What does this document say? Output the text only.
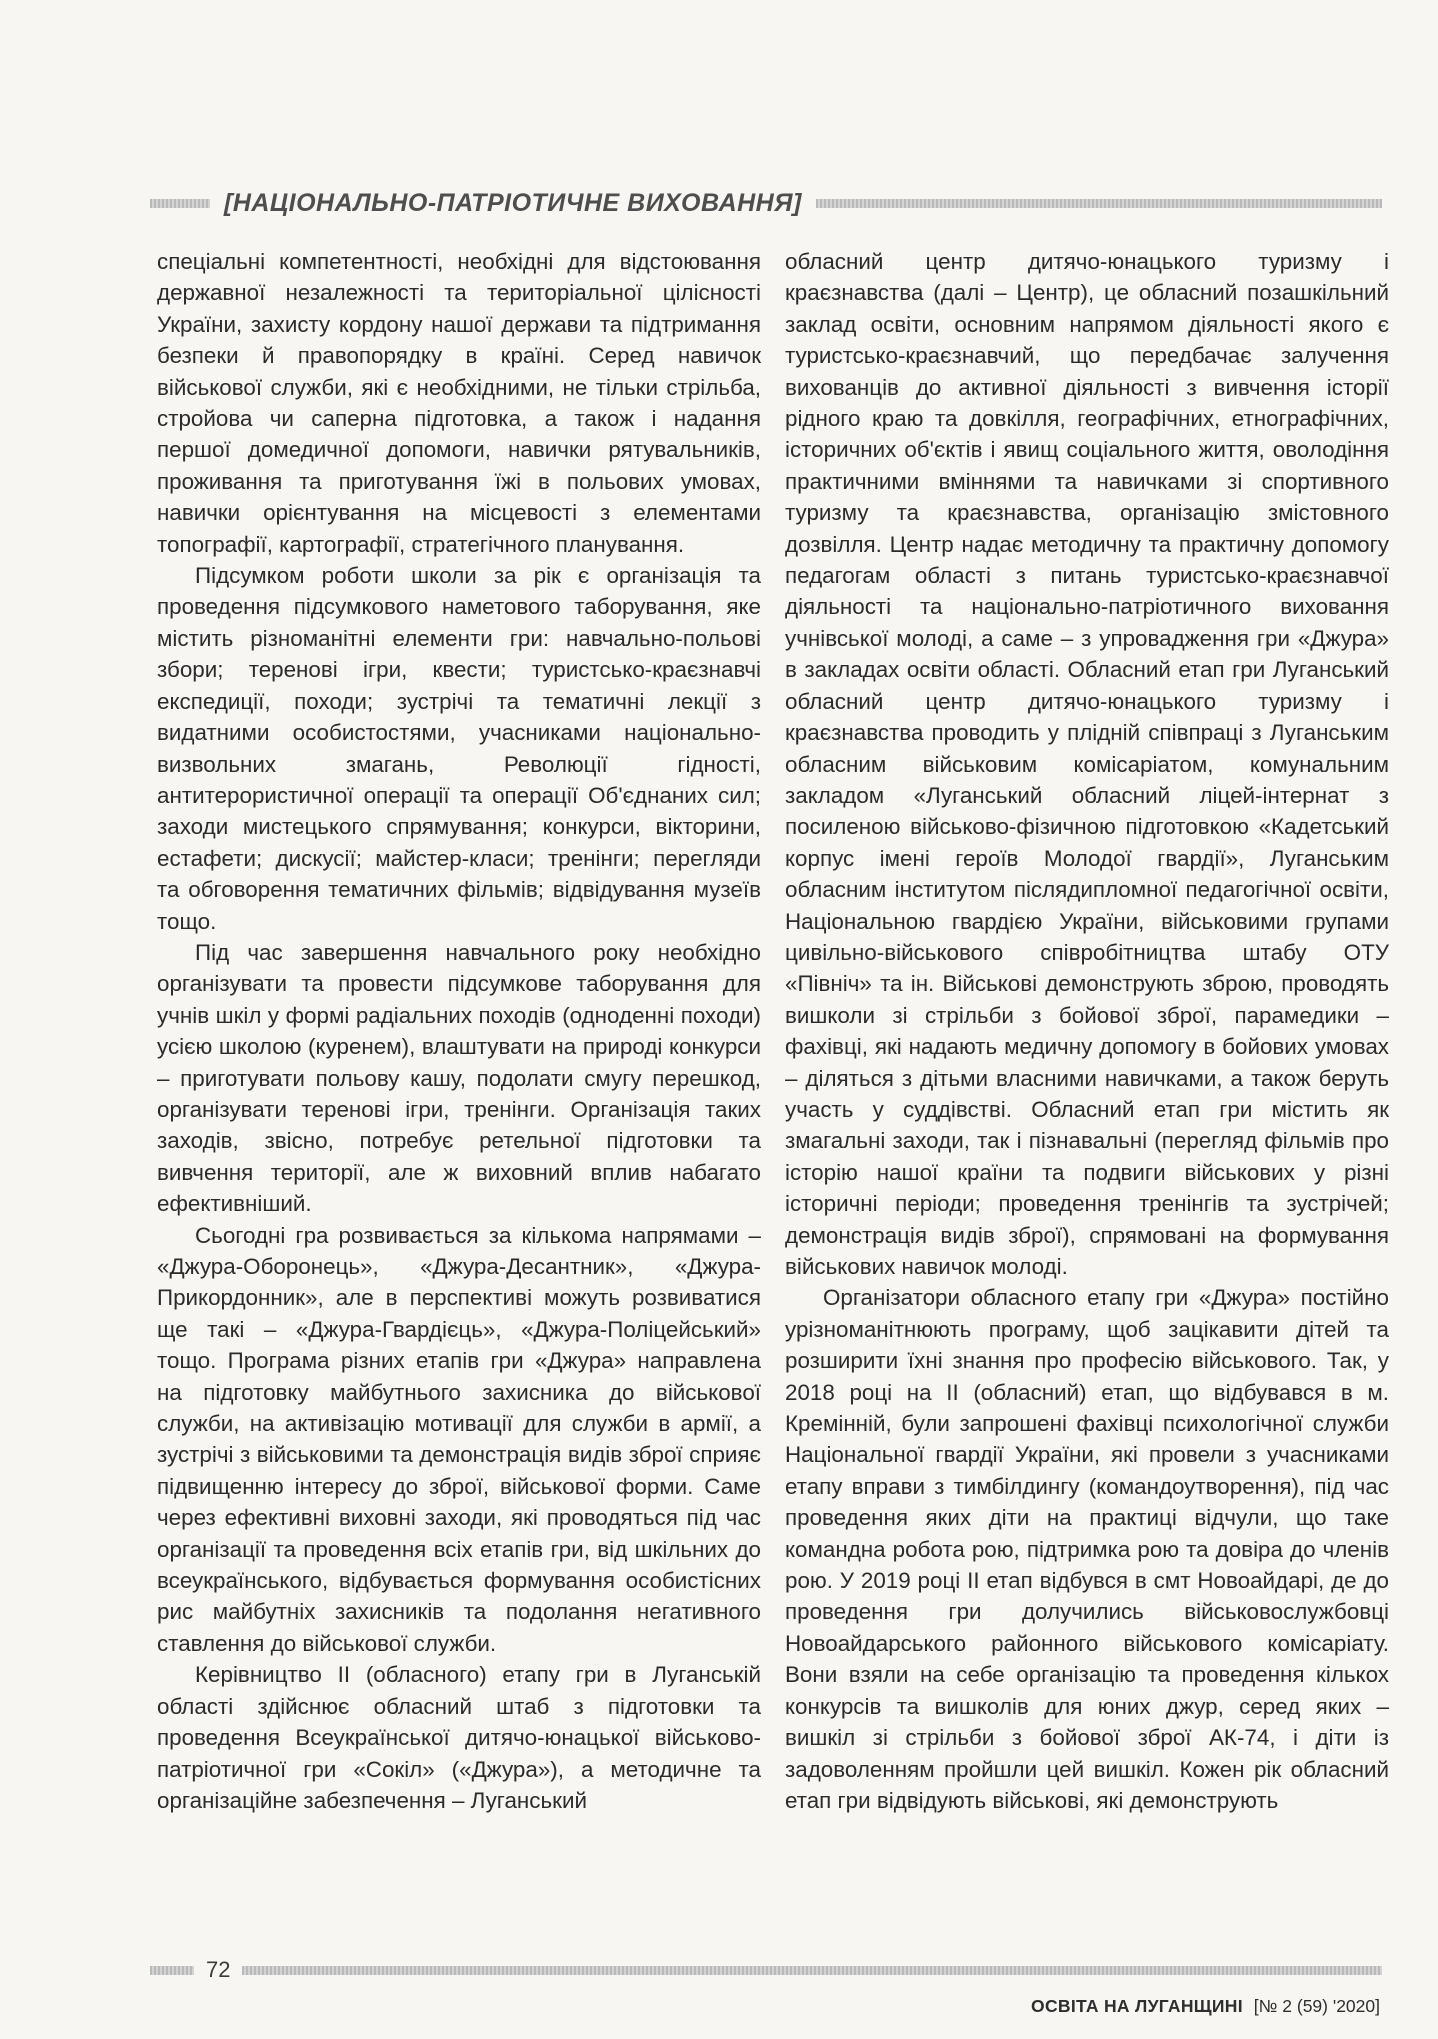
[НАЦІОНАЛЬНО-ПАТРІОТИЧНЕ ВИХОВАННЯ]

спеціальні компетентності, необхідні для відстоювання державної незалежності та територіальної цілісності України, захисту кордону нашої держави та підтримання безпеки й правопорядку в країні. Серед навичок військової служби, які є необхідними, не тільки стрільба, стройова чи саперна підготовка, а також і надання першої домедичної допомоги, навички рятувальників, проживання та приготування їжі в польових умовах, навички орієнтування на місцевості з елементами топографії, картографії, стратегічного планування.

Підсумком роботи школи за рік є організація та проведення підсумкового наметового таборування, яке містить різноманітні елементи гри: навчально-польові збори; теренові ігри, квести; туристсько-краєзнавчі експедиції, походи; зустрічі та тематичні лекції з видатними особистостями, учасниками національно-визвольних змагань, Революції гідності, антитерористичної операції та операції Об'єднаних сил; заходи мистецького спрямування; конкурси, вікторини, естафети; дискусії; майстер-класи; тренінги; перегляди та обговорення тематичних фільмів; відвідування музеїв тощо.

Під час завершення навчального року необхідно організувати та провести підсумкове таборування для учнів шкіл у формі радіальних походів (одноденні походи) усією школою (куренем), влаштувати на природі конкурси – приготувати польову кашу, подолати смугу перешкод, організувати теренові ігри, тренінги. Організація таких заходів, звісно, потребує ретельної підготовки та вивчення території, але ж виховний вплив набагато ефективніший.

Сьогодні гра розвивається за кількома напрямами – «Джура-Оборонець», «Джура-Десантник», «Джура-Прикордонник», але в перспективі можуть розвиватися ще такі – «Джура-Гвардієць», «Джура-Поліцейський» тощо. Програма різних етапів гри «Джура» направлена на підготовку майбутнього захисника до військової служби, на активізацію мотивації для служби в армії, а зустрічі з військовими та демонстрація видів зброї сприяє підвищенню інтересу до зброї, військової форми. Саме через ефективні виховні заходи, які проводяться під час організації та проведення всіх етапів гри, від шкільних до всеукраїнського, відбувається формування особистісних рис майбутніх захисників та подолання негативного ставлення до військової служби.

Керівництво II (обласного) етапу гри в Луганській області здійснює обласний штаб з підготовки та проведення Всеукраїнської дитячо-юнацької військово-патріотичної гри «Сокіл» («Джура»), а методичне та організаційне забезпечення – Луганський

обласний центр дитячо-юнацького туризму і краєзнавства (далі – Центр), це обласний позашкільний заклад освіти, основним напрямом діяльності якого є туристсько-краєзнавчий, що передбачає залучення вихованців до активної діяльності з вивчення історії рідного краю та довкілля, географічних, етнографічних, історичних об'єктів і явищ соціального життя, оволодіння практичними вміннями та навичками зі спортивного туризму та краєзнавства, організацію змістовного дозвілля. Центр надає методичну та практичну допомогу педагогам області з питань туристсько-краєзнавчої діяльності та національно-патріотичного виховання учнівської молоді, а саме – з упровадження гри «Джура» в закладах освіти області. Обласний етап гри Луганський обласний центр дитячо-юнацького туризму і краєзнавства проводить у плідній співпраці з Луганським обласним військовим комісаріатом, комунальним закладом «Луганський обласний ліцей-інтернат з посиленою військово-фізичною підготовкою «Кадетський корпус імені героїв Молодої гвардії», Луганським обласним інститутом післядипломної педагогічної освіти, Національною гвардією України, військовими групами цивільно-військового співробітництва штабу ОТУ «Північ» та ін. Військові демонструють зброю, проводять вишколи зі стрільби з бойової зброї, парамедики – фахівці, які надають медичну допомогу в бойових умовах – діляться з дітьми власними навичками, а також беруть участь у суддівстві. Обласний етап гри містить як змагальні заходи, так і пізнавальні (перегляд фільмів про історію нашої країни та подвиги військових у різні історичні періоди; проведення тренінгів та зустрічей; демонстрація видів зброї), спрямовані на формування військових навичок молоді.

Організатори обласного етапу гри «Джура» постійно урізноманітнюють програму, щоб зацікавити дітей та розширити їхні знання про професію військового. Так, у 2018 році на II (обласний) етап, що відбувався в м. Кремінній, були запрошені фахівці психологічної служби Національної гвардії України, які провели з учасниками етапу вправи з тимбілдингу (командоутворення), під час проведення яких діти на практиці відчули, що таке командна робота рою, підтримка рою та довіра до членів рою. У 2019 році II етап відбувся в смт Новоайдарі, де до проведення гри долучились військовослужбовці Новоайдарського районного військового комісаріату. Вони взяли на себе організацію та проведення кількох конкурсів та вишколів для юних джур, серед яких – вишкіл зі стрільби з бойової зброї АК-74, і діти із задоволенням пройшли цей вишкіл. Кожен рік обласний етап гри відвідують військові, які демонструють

72
ОСВІТА НА ЛУГАНЩИНІ [№ 2 (59) '2020]
